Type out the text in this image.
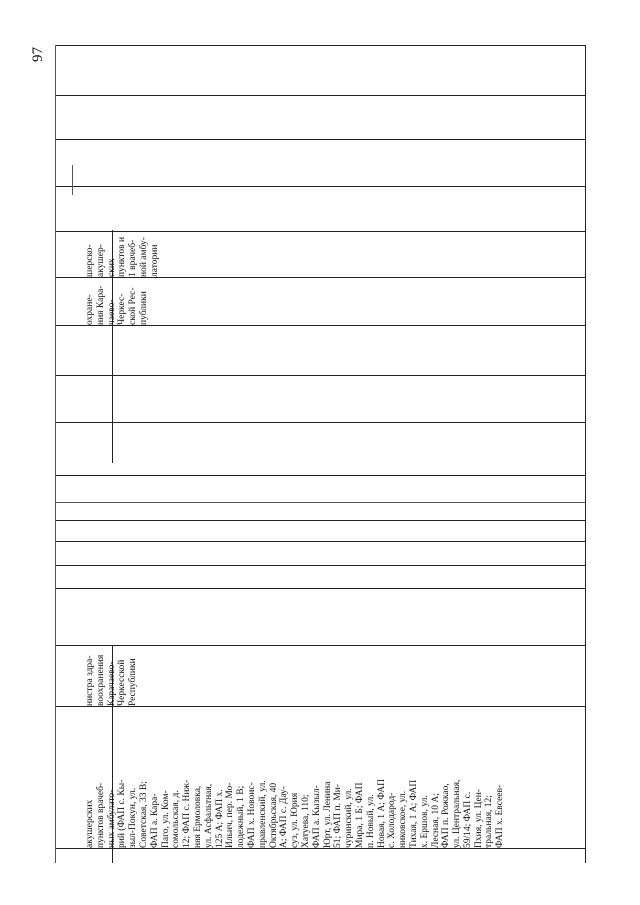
97
охране-
ния Кара-
чаево-
Черкес-
ской Рес-
публики
шерско-
акушер-
ских
пунктов и
1 врачеб-
ной амбу-
латории
нистра здра-
воохранения
Карачаево-
Черкесской
Республики
акушерских
пунктов врачеб-
ных амбулато-
рий (ФАП с. Кы-
зыл-Покун, ул.
Советская, 33 В;
ФАП а. Кара-
Паго, ул. Ком-
сомольская, д.
12; ФАП с. Ниж-
няя Ермоловка,
ул. Асфальтная,
125 А; ФАП х.
Ильич, пер. Мо-
лодежный, 1 В;
ФАП х. Новоис-
правленский, ул.
Октябрьская, 40
А; ФАП с. Дау-
суз, ул. Юрия
Хатуева, 110;
ФАП а. Кызыл-
Юрт, ул. Ленина
51; ФАП п. Ми-
чуринский, ул.
Мира, 1 Б; ФАП
п. Новый, ул.
Новая, 1 А; ФАП
с. Холодарод-
никовское, ул.
Тихая, 1 А; ФАП
х. Ершов, ул.
Лесная, 10 А;
ФАП п. Рожкао,
ул. Центральная,
59/14; ФАП с.
Пхия, ул. Цен-
тральная, 12;
ФАП х. Евсеев-
